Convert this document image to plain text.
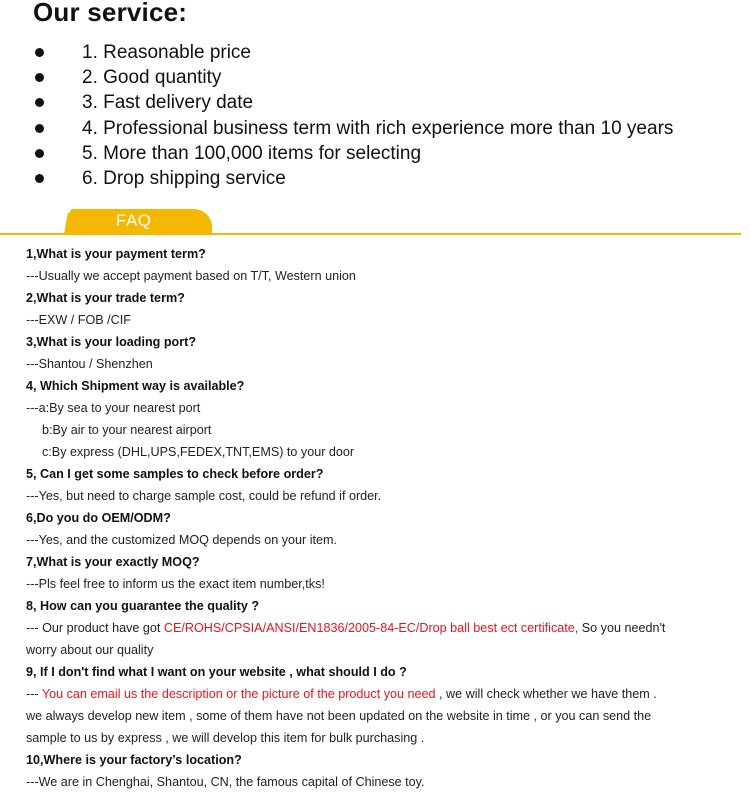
Our service:
1. Reasonable price
2. Good quantity
3. Fast delivery date
4. Professional business term with rich experience more than 10 years
5. More than 100,000 items for selecting
6. Drop shipping service
FAQ
1,What is your payment term?
---Usually we accept payment based on T/T, Western union
2,What is your trade term?
---EXW / FOB /CIF
3,What is your loading port?
---Shantou / Shenzhen
4, Which Shipment way is available?
---a:By sea to your nearest port
b:By air to your nearest airport
c:By express (DHL,UPS,FEDEX,TNT,EMS) to your door
5, Can I get some samples to check before order?
---Yes, but need to charge sample cost, could be refund if order.
6,Do you do OEM/ODM?
---Yes, and the customized MOQ depends on your item.
7,What is your exactly MOQ?
---Pls feel free to inform us the exact item number,tks!
8, How can you guarantee the quality ?
--- Our product have got CE/ROHS/CPSIA/ANSI/EN1836/2005-84-EC/Drop ball best ect certificate, So you needn't
worry about our quality
9, If I don't find what I want on your website , what should I do ?
--- You can email us the description or the picture of the product you need , we will check whether we have them .
we always develop new item , some of them have not been updated on the website in time , or you can send the
sample to us by express , we will develop this item for bulk purchasing .
10,Where is your factory’s location?
---We are in Chenghai, Shantou, CN, the famous capital of Chinese toy.
